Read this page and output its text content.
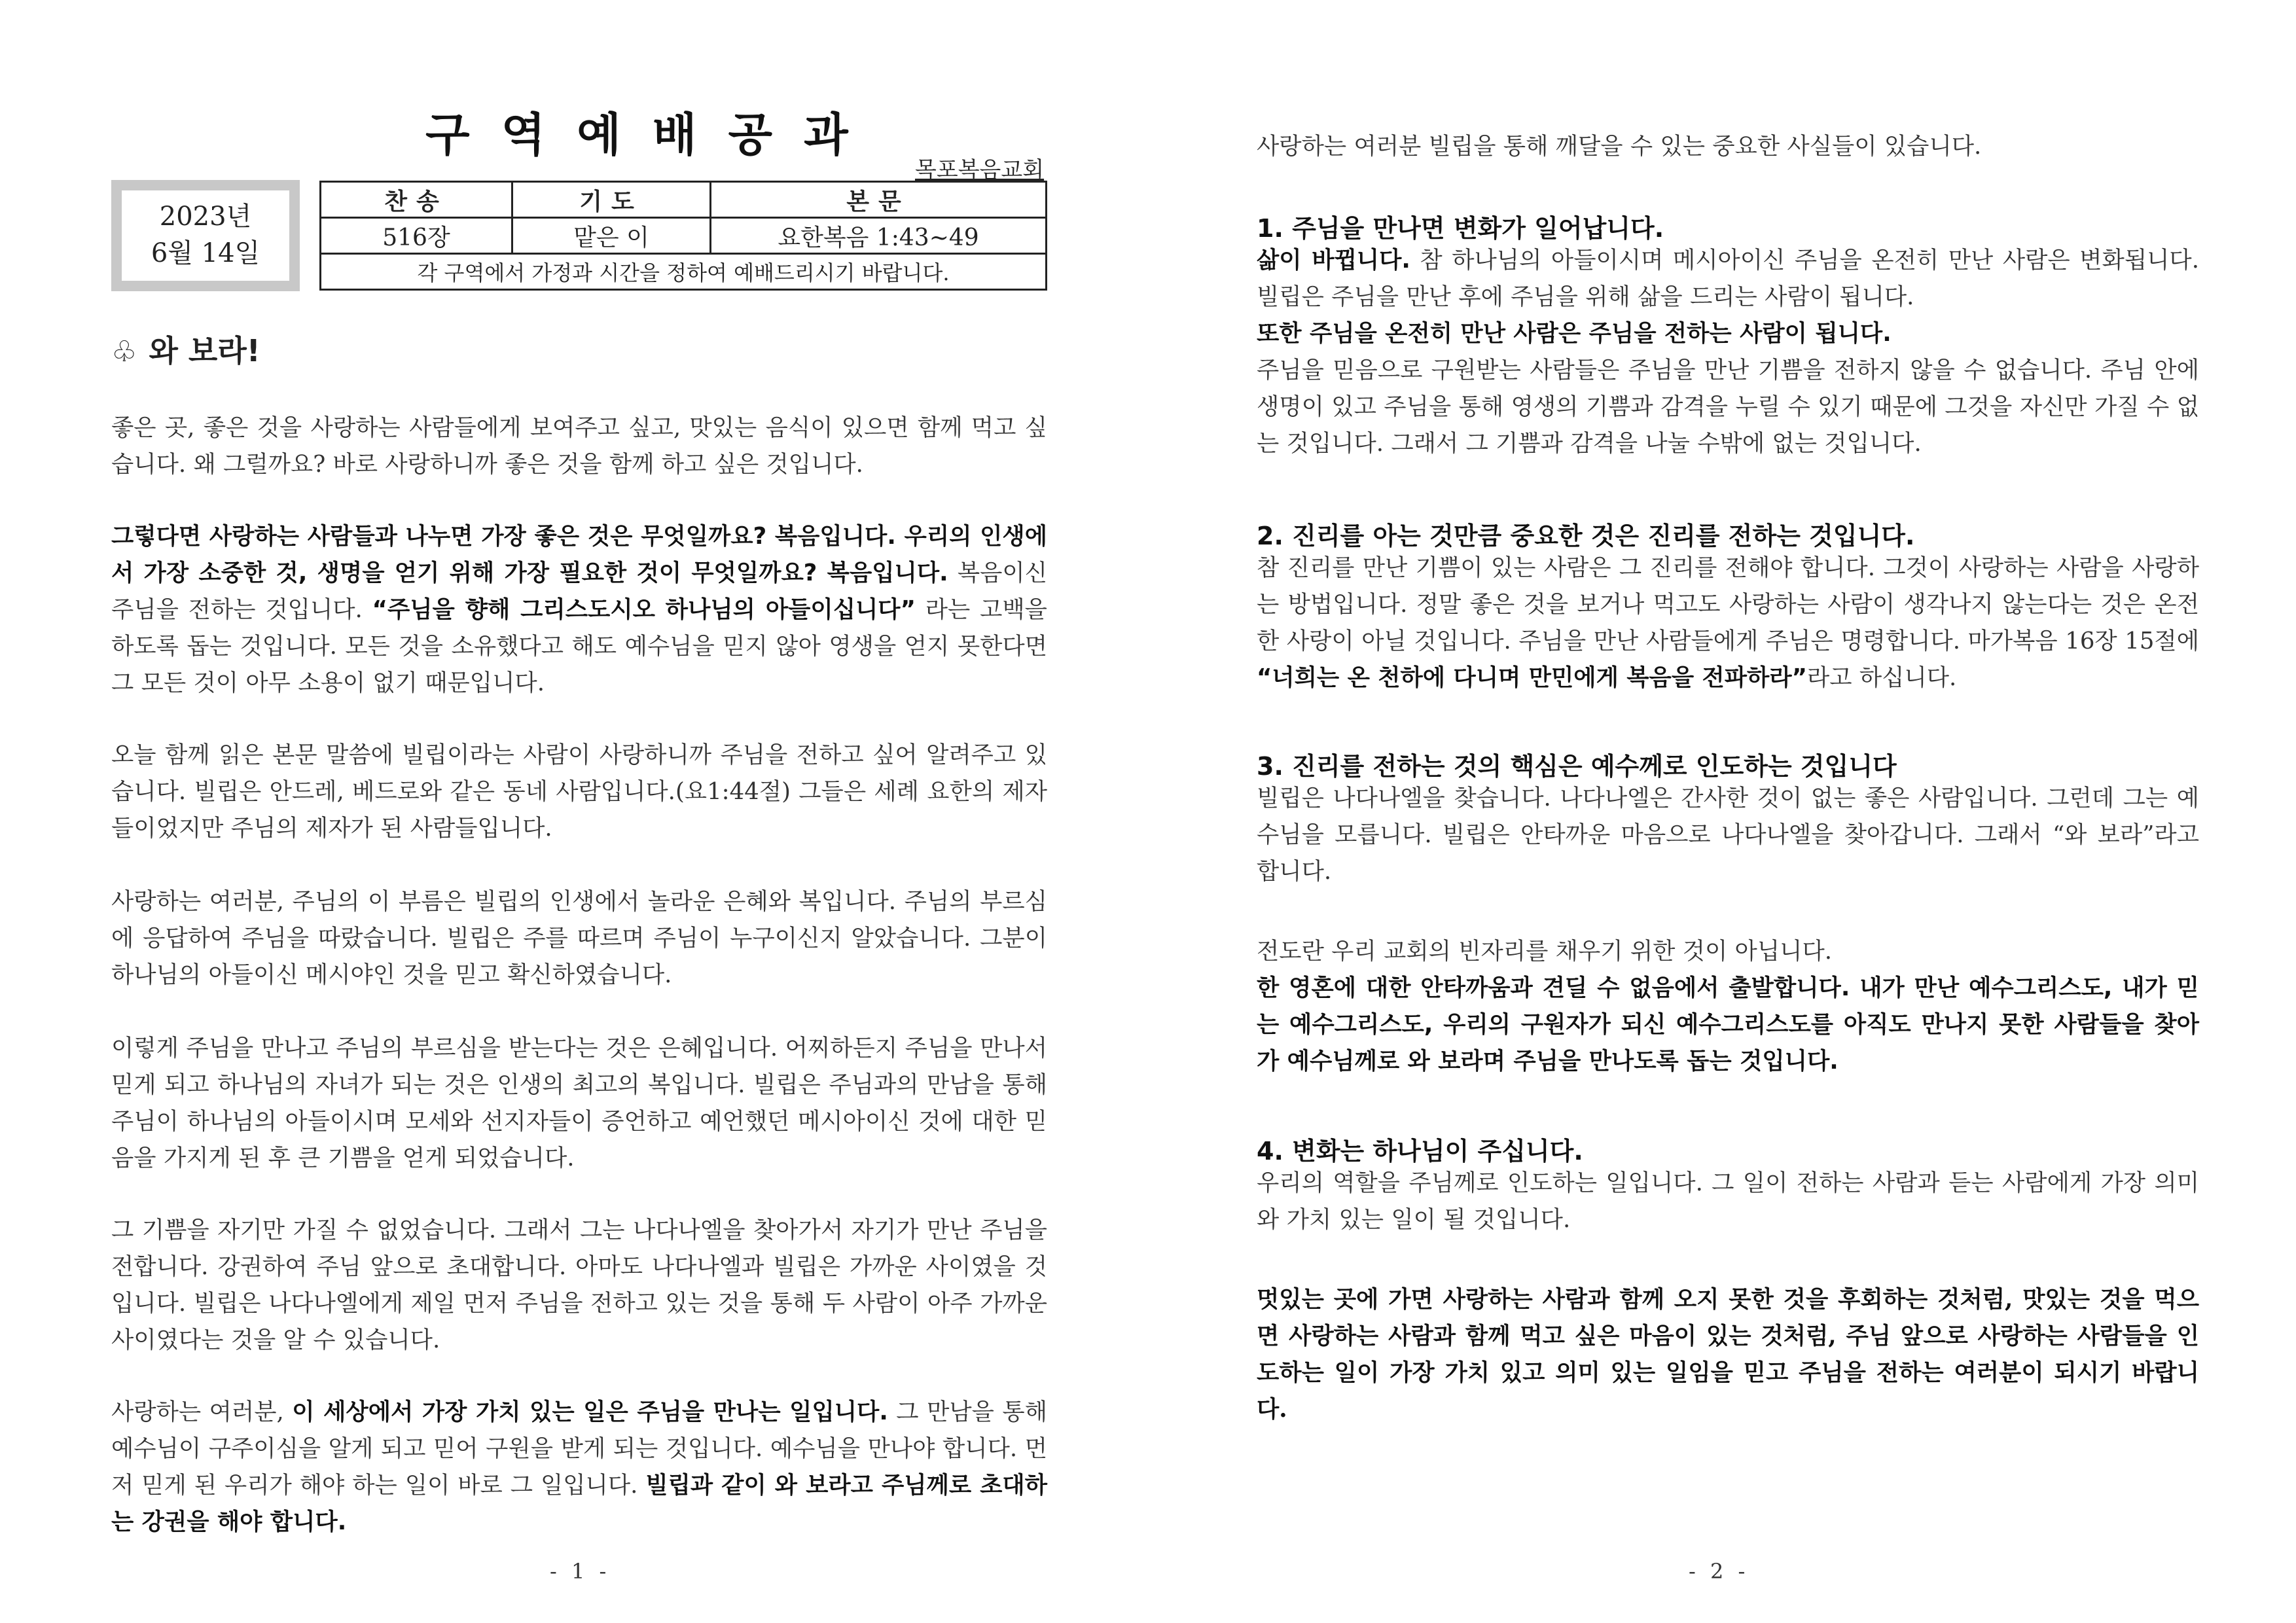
구역예배공과
목포복음교회
2023년
6월 14일
찬송	기도	본문
516장	맡은 이	요한복음 1:43~49
각 구역에서 가정과 시간을 정하여 예배드리시기 바랍니다.		
♧ 와 보라!
좋은 곳, 좋은 것을 사랑하는 사람들에게 보여주고 싶고, 맛있는 음식이 있으면 함께 먹고 싶습니다. 왜 그럴까요? 바로 사랑하니까 좋은 것을 함께 하고 싶은 것입니다.
그렇다면 사랑하는 사람들과 나누면 가장 좋은 것은 무엇일까요? 복음입니다. 우리의 인생에서 가장 소중한 것, 생명을 얻기 위해 가장 필요한 것이 무엇일까요? 복음입니다. 복음이신 주님을 전하는 것입니다. “주님을 향해 그리스도시오 하나님의 아들이십니다” 라는 고백을 하도록 돕는 것입니다. 모든 것을 소유했다고 해도 예수님을 믿지 않아 영생을 얻지 못한다면 그 모든 것이 아무 소용이 없기 때문입니다.
오늘 함께 읽은 본문 말씀에 빌립이라는 사람이 사랑하니까 주님을 전하고 싶어 알려주고 있습니다. 빌립은 안드레, 베드로와 같은 동네 사람입니다.(요1:44절) 그들은 세례 요한의 제자들이었지만 주님의 제자가 된 사람들입니다.
사랑하는 여러분, 주님의 이 부름은 빌립의 인생에서 놀라운 은혜와 복입니다. 주님의 부르심에 응답하여 주님을 따랐습니다. 빌립은 주를 따르며 주님이 누구이신지 알았습니다. 그분이 하나님의 아들이신 메시야인 것을 믿고 확신하였습니다.
이렇게 주님을 만나고 주님의 부르심을 받는다는 것은 은혜입니다. 어찌하든지 주님을 만나서 믿게 되고 하나님의 자녀가 되는 것은 인생의 최고의 복입니다. 빌립은 주님과의 만남을 통해 주님이 하나님의 아들이시며 모세와 선지자들이 증언하고 예언했던 메시아이신 것에 대한 믿음을 가지게 된 후 큰 기쁨을 얻게 되었습니다.
그 기쁨을 자기만 가질 수 없었습니다. 그래서 그는 나다나엘을 찾아가서 자기가 만난 주님을 전합니다. 강권하여 주님 앞으로 초대합니다. 아마도 나다나엘과 빌립은 가까운 사이였을 것입니다. 빌립은 나다나엘에게 제일 먼저 주님을 전하고 있는 것을 통해 두 사람이 아주 가까운 사이였다는 것을 알 수 있습니다.
사랑하는 여러분, 이 세상에서 가장 가치 있는 일은 주님을 만나는 일입니다. 그 만남을 통해 예수님이 구주이심을 알게 되고 믿어 구원을 받게 되는 것입니다. 예수님을 만나야 합니다. 먼저 믿게 된 우리가 해야 하는 일이 바로 그 일입니다. 빌립과 같이 와 보라고 주님께로 초대하는 강권을 해야 합니다.
- 1 -
사랑하는 여러분 빌립을 통해 깨달을 수 있는 중요한 사실들이 있습니다.
1. 주님을 만나면 변화가 일어납니다.
삶이 바뀝니다. 참 하나님의 아들이시며 메시아이신 주님을 온전히 만난 사람은 변화됩니다. 빌립은 주님을 만난 후에 주님을 위해 삶을 드리는 사람이 됩니다.
또한 주님을 온전히 만난 사람은 주님을 전하는 사람이 됩니다.
주님을 믿음으로 구원받는 사람들은 주님을 만난 기쁨을 전하지 않을 수 없습니다. 주님 안에 생명이 있고 주님을 통해 영생의 기쁨과 감격을 누릴 수 있기 때문에 그것을 자신만 가질 수 없는 것입니다. 그래서 그 기쁨과 감격을 나눌 수밖에 없는 것입니다.
2. 진리를 아는 것만큼 중요한 것은 진리를 전하는 것입니다.
참 진리를 만난 기쁨이 있는 사람은 그 진리를 전해야 합니다. 그것이 사랑하는 사람을 사랑하는 방법입니다. 정말 좋은 것을 보거나 먹고도 사랑하는 사람이 생각나지 않는다는 것은 온전한 사랑이 아닐 것입니다. 주님을 만난 사람들에게 주님은 명령합니다. 마가복음 16장 15절에 “너희는 온 천하에 다니며 만민에게 복음을 전파하라”라고 하십니다.
3. 진리를 전하는 것의 핵심은 예수께로 인도하는 것입니다
빌립은 나다나엘을 찾습니다. 나다나엘은 간사한 것이 없는 좋은 사람입니다. 그런데 그는 예수님을 모릅니다. 빌립은 안타까운 마음으로 나다나엘을 찾아갑니다. 그래서 “와 보라”라고 합니다.
전도란 우리 교회의 빈자리를 채우기 위한 것이 아닙니다.
한 영혼에 대한 안타까움과 견딜 수 없음에서 출발합니다. 내가 만난 예수그리스도, 내가 믿는 예수그리스도, 우리의 구원자가 되신 예수그리스도를 아직도 만나지 못한 사람들을 찾아가 예수님께로 와 보라며 주님을 만나도록 돕는 것입니다.
4. 변화는 하나님이 주십니다.
우리의 역할을 주님께로 인도하는 일입니다. 그 일이 전하는 사람과 듣는 사람에게 가장 의미와 가치 있는 일이 될 것입니다.
멋있는 곳에 가면 사랑하는 사람과 함께 오지 못한 것을 후회하는 것처럼, 맛있는 것을 먹으면 사랑하는 사람과 함께 먹고 싶은 마음이 있는 것처럼, 주님 앞으로 사랑하는 사람들을 인도하는 일이 가장 가치 있고 의미 있는 일임을 믿고 주님을 전하는 여러분이 되시기 바랍니다.
- 2 -
